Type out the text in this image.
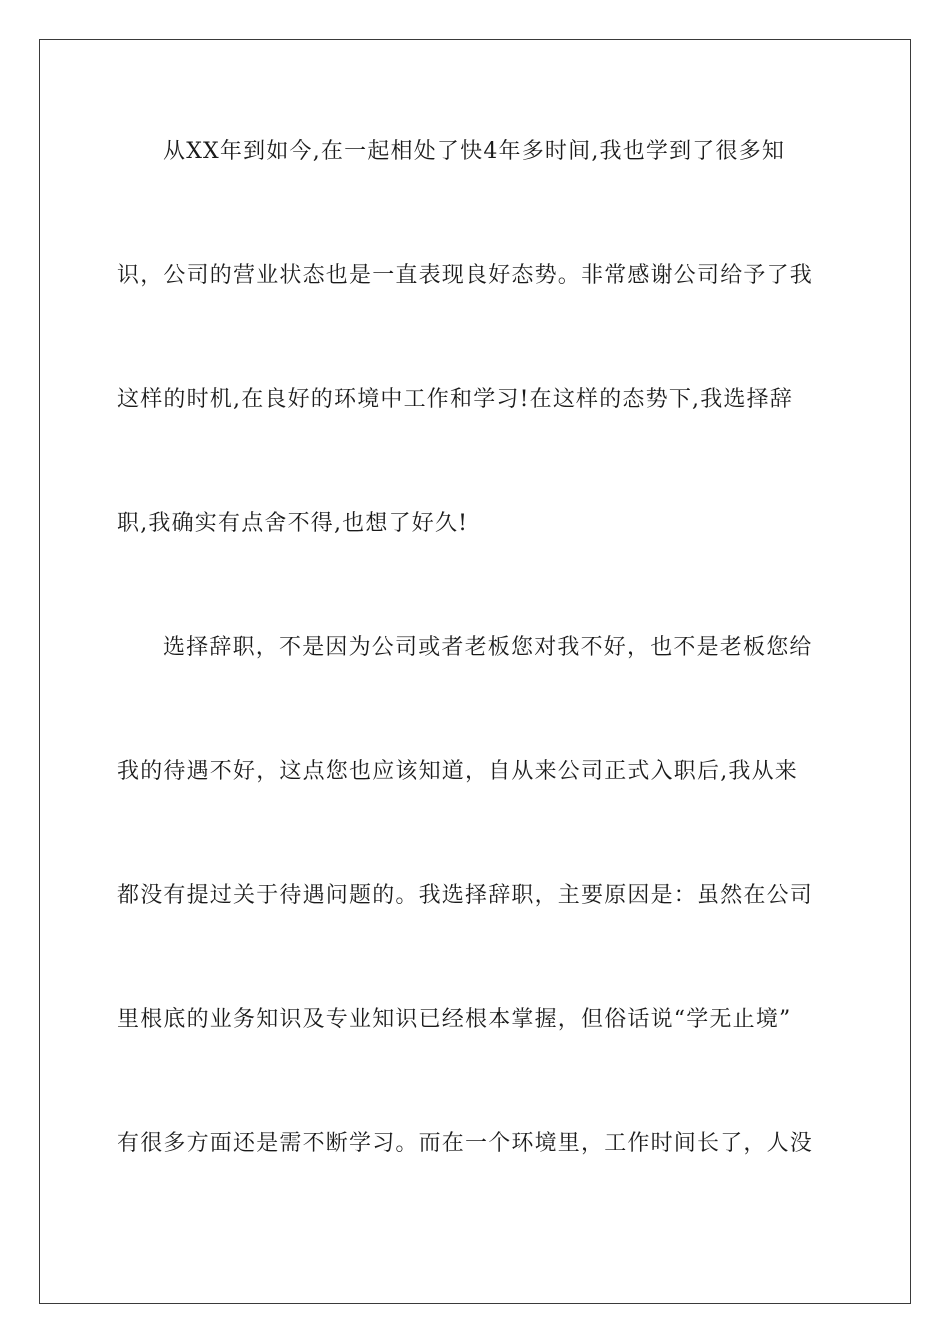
从XX年到如今,在一起相处了快4年多时间,我也学到了很多知
识，公司的营业状态也是一直表现良好态势。非常感谢公司给予了我
这样的时机,在良好的环境中工作和学习!在这样的态势下,我选择辞
职,我确实有点舍不得,也想了好久!
选择辞职，不是因为公司或者老板您对我不好，也不是老板您给
我的待遇不好，这点您也应该知道，自从来公司正式入职后,我从来
都没有提过关于待遇问题的。我选择辞职，主要原因是：虽然在公司
里根底的业务知识及专业知识已经根本掌握，但俗话说“学无止境”
有很多方面还是需不断学习。而在一个环境里，工作时间长了，人没
